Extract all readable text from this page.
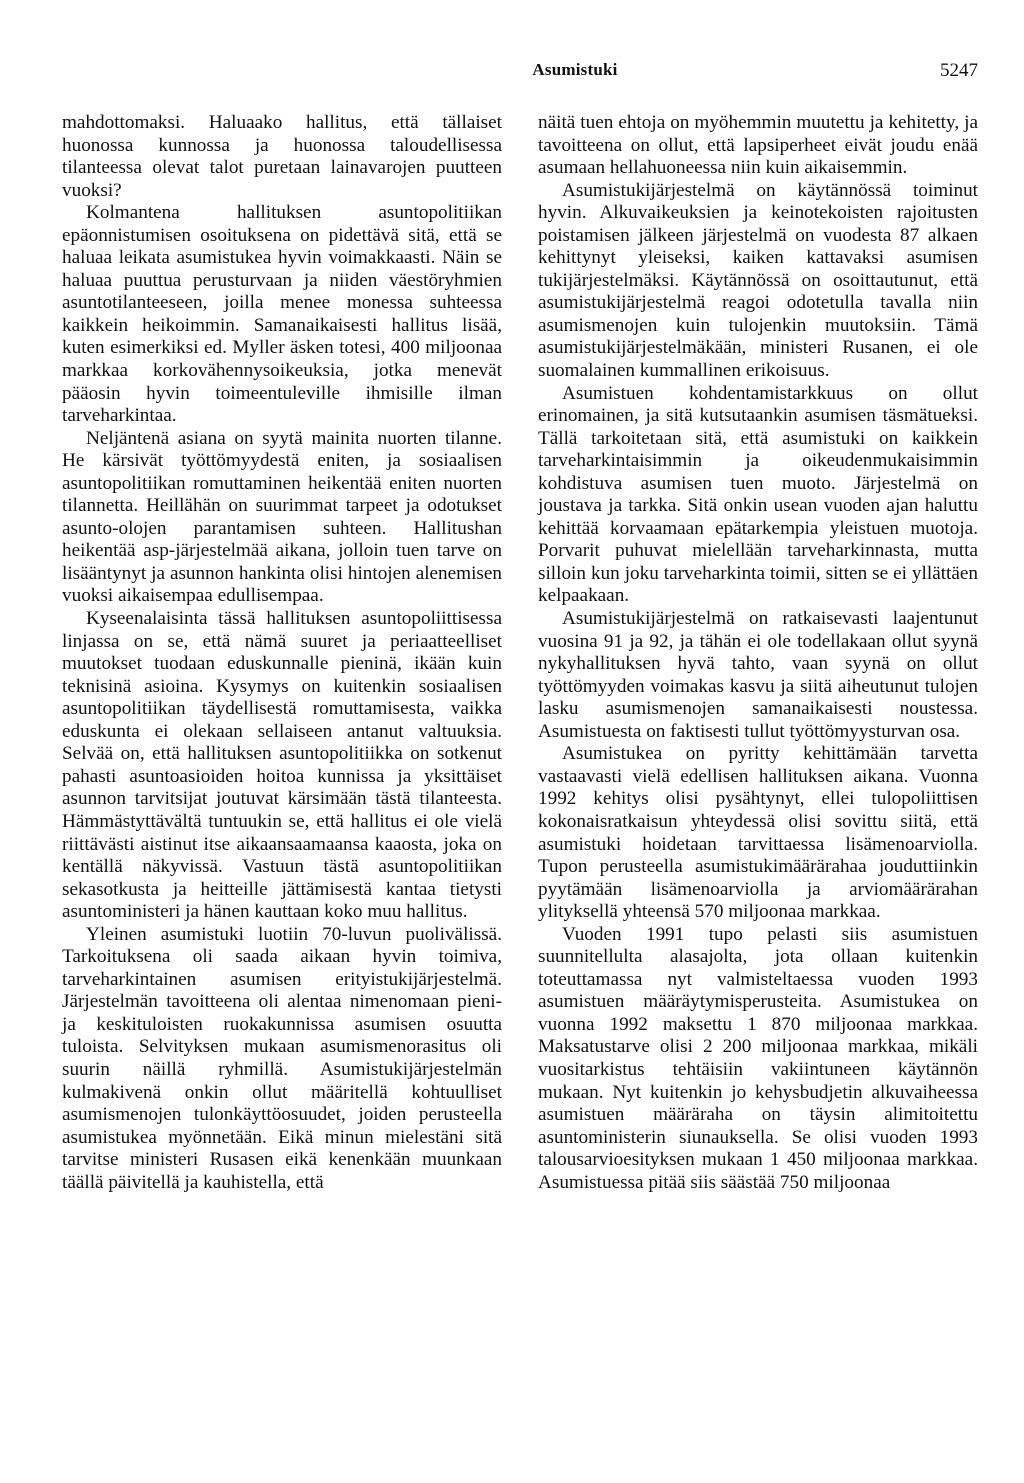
Asumistuki	5247

mahdottomaksi. Haluaako hallitus, että tällaiset huonossa kunnossa ja huonossa taloudellisessa tilanteessa olevat talot puretaan lainavarojen puutteen vuoksi?

Kolmantena hallituksen asuntopolitiikan epäonnistumisen osoituksena on pidettävä sitä, että se haluaa leikata asumistukea hyvin voimakkaasti. Näin se haluaa puuttua perusturvaan ja niiden väestöryhmien asuntotilanteeseen, joilla menee monessa suhteessa kaikkein heikoimmin. Samanaikaisesti hallitus lisää, kuten esimerkiksi ed. Myller äsken totesi, 400 miljoonaa markkaa korkovähennysoikeuksia, jotka menevät pääosin hyvin toimeentuleville ihmisille ilman tarveharkintaa.

Neljäntenä asiana on syytä mainita nuorten tilanne. He kärsivät työttömyydestä eniten, ja sosiaalisen asuntopolitiikan romuttaminen heikentää eniten nuorten tilannetta. Heillähän on suurimmat tarpeet ja odotukset asunto-olojen parantamisen suhteen. Hallitushan heikentää asp-järjestelmää aikana, jolloin tuen tarve on lisääntynyt ja asunnon hankinta olisi hintojen alenemisen vuoksi aikaisempaa edullisempaa.

Kyseenalaisinta tässä hallituksen asuntopoliittisessa linjassa on se, että nämä suuret ja periaatteelliset muutokset tuodaan eduskunnalle pieninä, ikään kuin teknisinä asioina. Kysymys on kuitenkin sosiaalisen asuntopolitiikan täydellisestä romuttamisesta, vaikka eduskunta ei olekaan sellaiseen antanut valtuuksia. Selvää on, että hallituksen asuntopolitiikka on sotkenut pahasti asuntoasioiden hoitoa kunnissa ja yksittäiset asunnon tarvitsijat joutuvat kärsimään tästä tilanteesta. Hämmästyttävältä tuntuukin se, että hallitus ei ole vielä riittävästi aistinut itse aikaansaamaansa kaaosta, joka on kentällä näkyvissä. Vastuun tästä asuntopolitiikan sekasotkusta ja heitteille jättämisestä kantaa tietysti asuntoministeri ja hänen kauttaan koko muu hallitus.

Yleinen asumistuki luotiin 70-luvun puolivälissä. Tarkoituksena oli saada aikaan hyvin toimiva, tarveharkintainen asumisen erityistukijärjestelmä. Järjestelmän tavoitteena oli alentaa nimenomaan pieni- ja keskituloisten ruokakunnissa asumisen osuutta tuloista. Selvityksen mukaan asumismenorasitus oli suurin näillä ryhmillä. Asumistukijärjestelmän kulmakivenä onkin ollut määritellä kohtuulliset asumismenojen tulonkäyttöosuudet, joiden perusteella asumistukea myönnetään. Eikä minun mielestäni sitä tarvitse ministeri Rusasen eikä kenenkään muunkaan täällä päivitellä ja kauhistella, että

näitä tuen ehtoja on myöhemmin muutettu ja kehitetty, ja tavoitteena on ollut, että lapsiperheet eivät joudu enää asumaan hellahuoneessa niin kuin aikaisemmin.

Asumistukijärjestelmä on käytännössä toiminut hyvin. Alkuvaikeuksien ja keinotekoisten rajoitusten poistamisen jälkeen järjestelmä on vuodesta 87 alkaen kehittynyt yleiseksi, kaiken kattavaksi asumisen tukijärjestelmäksi. Käytännössä on osoittautunut, että asumistukijärjestelmä reagoi odotetulla tavalla niin asumismenojen kuin tulojenkin muutoksiin. Tämä asumistukijärjestelmäkään, ministeri Rusanen, ei ole suomalainen kummallinen erikoisuus.

Asumistuen kohdentamistarkkuus on ollut erinomainen, ja sitä kutsutaankin asumisen täsmätueksi. Tällä tarkoitetaan sitä, että asumistuki on kaikkein tarveharkintaisimmin ja oikeudenmukaisimmin kohdistuva asumisen tuen muoto. Järjestelmä on joustava ja tarkka. Sitä onkin usean vuoden ajan haluttu kehittää korvaamaan epätarkempia yleistuen muotoja. Porvarit puhuvat mielellään tarveharkinnasta, mutta silloin kun joku tarveharkinta toimii, sitten se ei yllättäen kelpaakaan.

Asumistukijärjestelmä on ratkaisevasti laajentunut vuosina 91 ja 92, ja tähän ei ole todellakaan ollut syynä nykyhallituksen hyvä tahto, vaan syynä on ollut työttömyyden voimakas kasvu ja siitä aiheutunut tulojen lasku asumismenojen samanaikaisesti noustessa. Asumistuesta on faktisesti tullut työttömyysturvan osa.

Asumistukea on pyritty kehittämään tarvetta vastaavasti vielä edellisen hallituksen aikana. Vuonna 1992 kehitys olisi pysähtynyt, ellei tulopoliittisen kokonaisratkaisun yhteydessä olisi sovittu siitä, että asumistuki hoidetaan tarvittaessa lisämenoarviolla. Tupon perusteella asumistukimäärärahaa jouduttiinkin pyytämään lisämenoarviolla ja arviomäärärahan ylityksellä yhteensä 570 miljoonaa markkaa.

Vuoden 1991 tupo pelasti siis asumistuen suunnitellulta alasajolta, jota ollaan kuitenkin toteuttamassa nyt valmisteltaessa vuoden 1993 asumistuen määräytymisperusteita. Asumistukea on vuonna 1992 maksettu 1 870 miljoonaa markkaa. Maksatustarve olisi 2 200 miljoonaa markkaa, mikäli vuositarkistus tehtäisiin vakiintuneen käytännön mukaan. Nyt kuitenkin jo kehysbudjetin alkuvaiheessa asumistuen määräraha on täysin alimitoitettu asuntoministerin siunauksella. Se olisi vuoden 1993 talousarvioesityksen mukaan 1 450 miljoonaa markkaa. Asumistuessa pitää siis säästää 750 miljoonaa
